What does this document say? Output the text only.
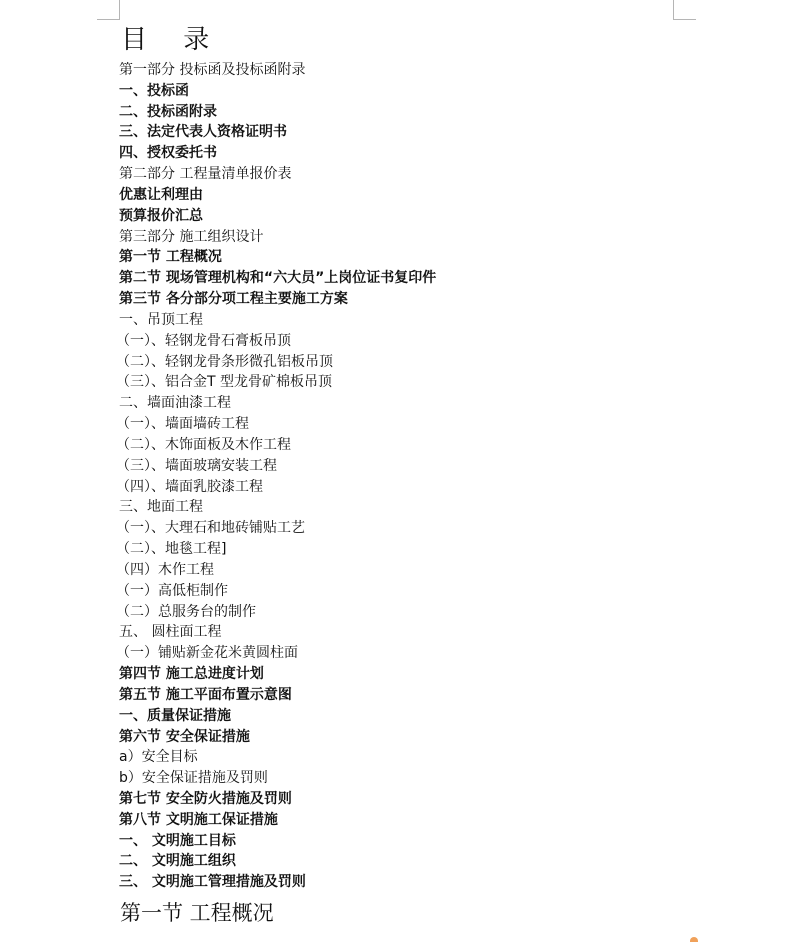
目 录
第一部分 投标函及投标函附录
一、投标函
二、投标函附录
三、法定代表人资格证明书
四、授权委托书
第二部分 工程量清单报价表
优惠让利理由
预算报价汇总
第三部分 施工组织设计
第一节 工程概况
第二节 现场管理机构和“六大员”上岗位证书复印件
第三节 各分部分项工程主要施工方案
一、吊顶工程
（一）、轻钢龙骨石膏板吊顶
（二）、轻钢龙骨条形微孔铝板吊顶
（三）、铝合金T 型龙骨矿棉板吊顶
二、墙面油漆工程
（一）、墙面墙砖工程
（二）、木饰面板及木作工程
（三）、墙面玻璃安装工程
（四）、墙面乳胶漆工程
三、地面工程
（一）、大理石和地砖铺贴工艺
（二）、地毯工程]
（四）木作工程
（一）高低柜制作
（二）总服务台的制作
五、 圆柱面工程
（一）铺贴新金花米黄圆柱面
第四节 施工总进度计划
第五节 施工平面布置示意图
一、质量保证措施
第六节 安全保证措施
a）安全目标
b）安全保证措施及罚则
第七节 安全防火措施及罚则
第八节 文明施工保证措施
一、 文明施工目标
二、 文明施工组织
三、 文明施工管理措施及罚则
第一节 工程概况
